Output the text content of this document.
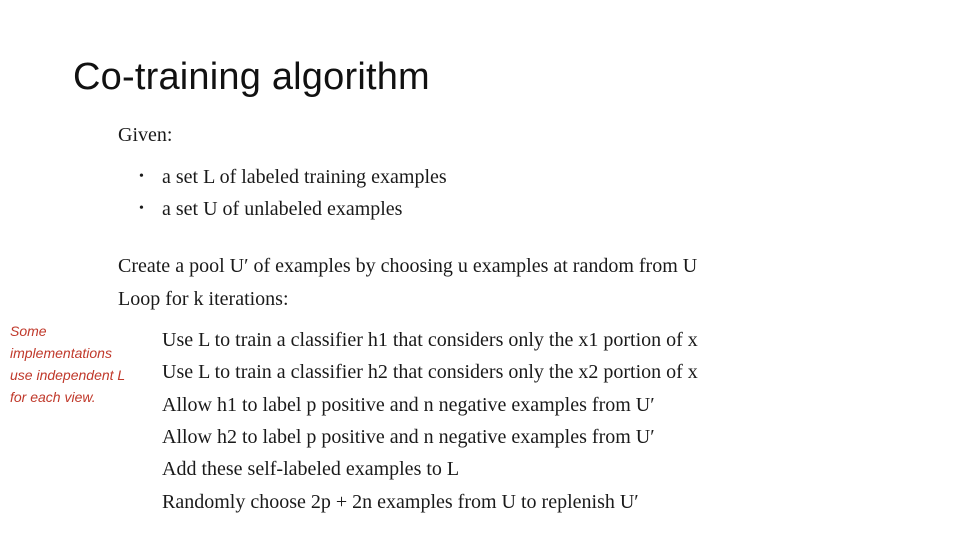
Co-training algorithm
Given:
• a set L of labeled training examples
• a set U of unlabeled examples
Create a pool U′ of examples by choosing u examples at random from U
Loop for k iterations:
Use L to train a classifier h1 that considers only the x1 portion of x
Use L to train a classifier h2 that considers only the x2 portion of x
Allow h1 to label p positive and n negative examples from U′
Allow h2 to label p positive and n negative examples from U′
Add these self-labeled examples to L
Randomly choose 2p + 2n examples from U to replenish U′
Some
implementations
use independent L
for each view.
